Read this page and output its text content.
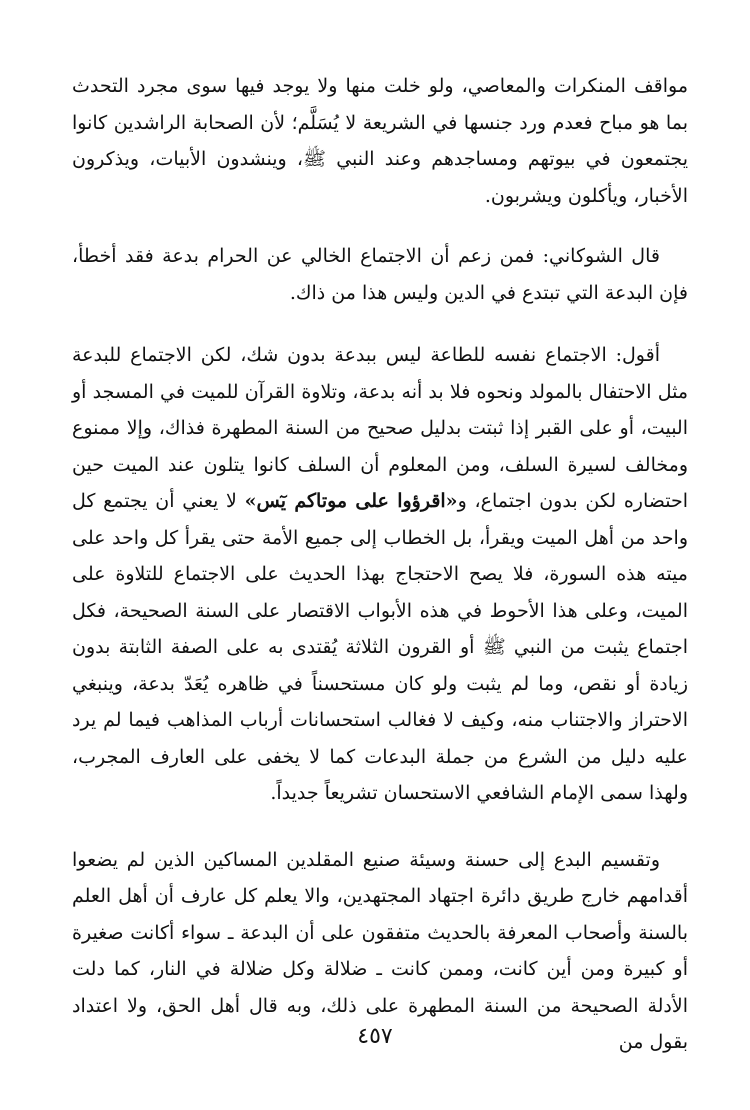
مواقف المنكرات والمعاصي، ولو خلت منها ولا يوجد فيها سوى مجرد التحدث بما هو مباح فعدم ورد جنسها في الشريعة لا يُسَلَّم؛ لأن الصحابة الراشدين كانوا يجتمعون في بيوتهم ومساجدهم وعند النبي ﷺ، وينشدون الأبيات، ويذكرون الأخبار، ويأكلون ويشربون.

قال الشوكاني: فمن زعم أن الاجتماع الخالي عن الحرام بدعة فقد أخطأ، فإن البدعة التي تبتدع في الدين وليس هذا من ذاك.

أقول: الاجتماع نفسه للطاعة ليس ببدعة بدون شك، لكن الاجتماع للبدعة مثل الاحتفال بالمولد ونحوه فلا بد أنه بدعة، وتلاوة القرآن للميت في المسجد أو البيت، أو على القبر إذا ثبتت بدليل صحيح من السنة المطهرة فذاك، وإلا ممنوع ومخالف لسيرة السلف، ومن المعلوم أن السلف كانوا يتلون عند الميت حين احتضاره لكن بدون اجتماع، و«اقرؤوا على موتاكم يٓس» لا يعني أن يجتمع كل واحد من أهل الميت ويقرأ، بل الخطاب إلى جميع الأمة حتى يقرأ كل واحد على ميته هذه السورة، فلا يصح الاحتجاج بهذا الحديث على الاجتماع للتلاوة على الميت، وعلى هذا الأحوط في هذه الأبواب الاقتصار على السنة الصحيحة، فكل اجتماع يثبت من النبي ﷺ أو القرون الثلاثة يُقتدى به على الصفة الثابتة بدون زيادة أو نقص، وما لم يثبت ولو كان مستحسناً في ظاهره يُعَدّ بدعة، وينبغي الاحتراز والاجتناب منه، وكيف لا فغالب استحسانات أرباب المذاهب فيما لم يرد عليه دليل من الشرع من جملة البدعات كما لا يخفى على العارف المجرب، ولهذا سمى الإمام الشافعي الاستحسان تشريعاً جديداً.

وتقسيم البدع إلى حسنة وسيئة صنيع المقلدين المساكين الذين لم يضعوا أقدامهم خارج طريق دائرة اجتهاد المجتهدين، والا يعلم كل عارف أن أهل العلم بالسنة وأصحاب المعرفة بالحديث متفقون على أن البدعة ـ سواء أكانت صغيرة أو كبيرة ومن أين كانت، وممن كانت ـ ضلالة وكل ضلالة في النار، كما دلت الأدلة الصحيحة من السنة المطهرة على ذلك، وبه قال أهل الحق، ولا اعتداد بقول من

٤٥٧
